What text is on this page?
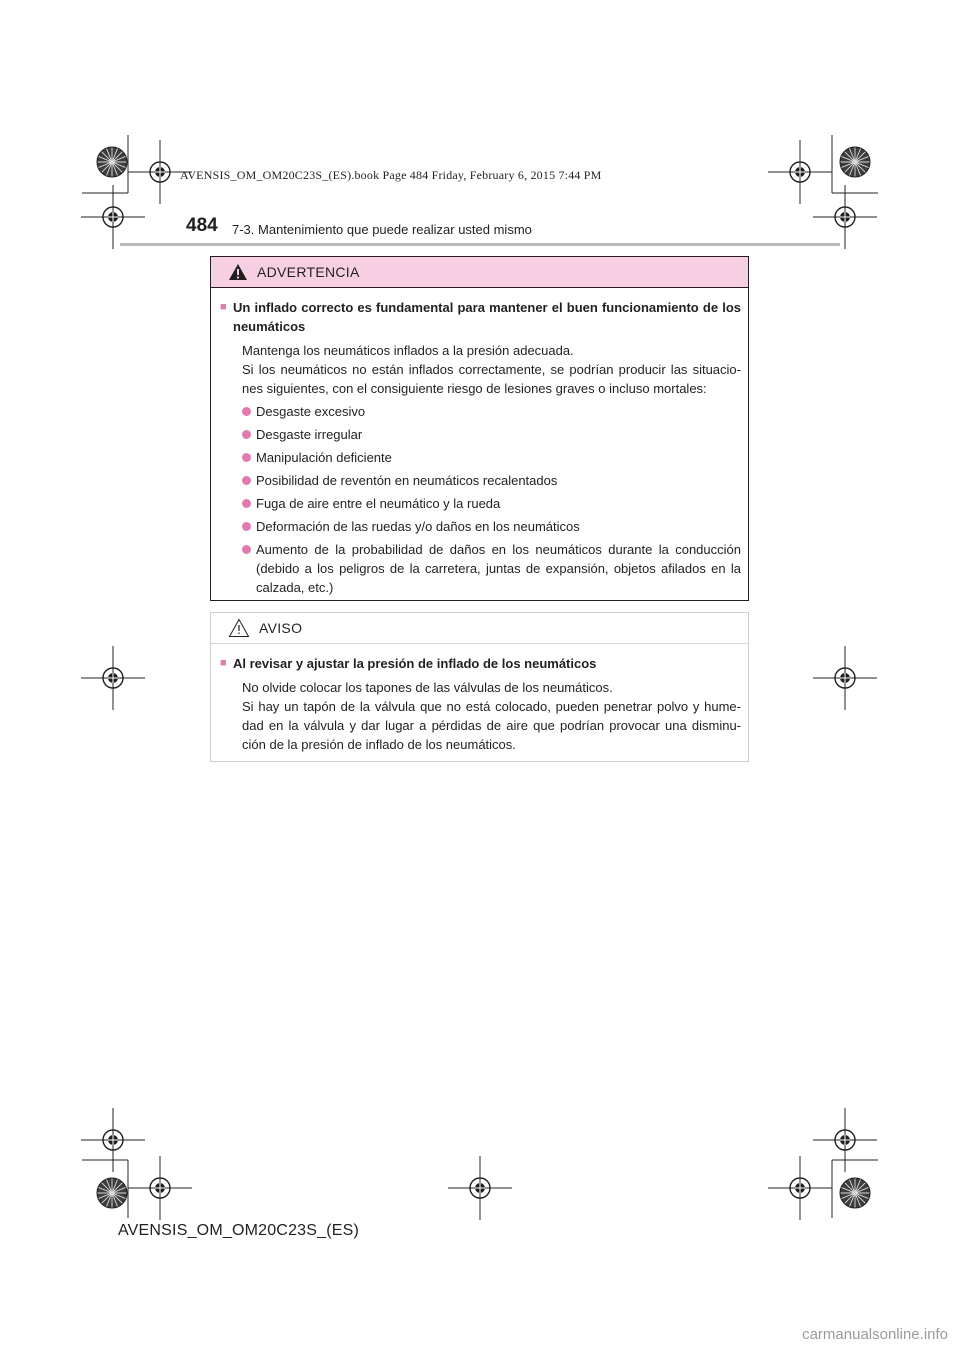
AVENSIS_OM_OM20C23S_(ES).book Page 484 Friday, February 6, 2015 7:44 PM
484 7-3. Mantenimiento que puede realizar usted mismo
ADVERTENCIA
■ Un inflado correcto es fundamental para mantener el buen funcionamiento de los neumáticos
Mantenga los neumáticos inflados a la presión adecuada.
Si los neumáticos no están inflados correctamente, se podrían producir las situacio-nes siguientes, con el consiguiente riesgo de lesiones graves o incluso mortales:
Desgaste excesivo
Desgaste irregular
Manipulación deficiente
Posibilidad de reventón en neumáticos recalentados
Fuga de aire entre el neumático y la rueda
Deformación de las ruedas y/o daños en los neumáticos
Aumento de la probabilidad de daños en los neumáticos durante la conducción (debido a los peligros de la carretera, juntas de expansión, objetos afilados en la calzada, etc.)
AVISO
■ Al revisar y ajustar la presión de inflado de los neumáticos
No olvide colocar los tapones de las válvulas de los neumáticos.
Si hay un tapón de la válvula que no está colocado, pueden penetrar polvo y hume-dad en la válvula y dar lugar a pérdidas de aire que podrían provocar una disminu-ción de la presión de inflado de los neumáticos.
AVENSIS_OM_OM20C23S_(ES)
carmanualsonline.info
